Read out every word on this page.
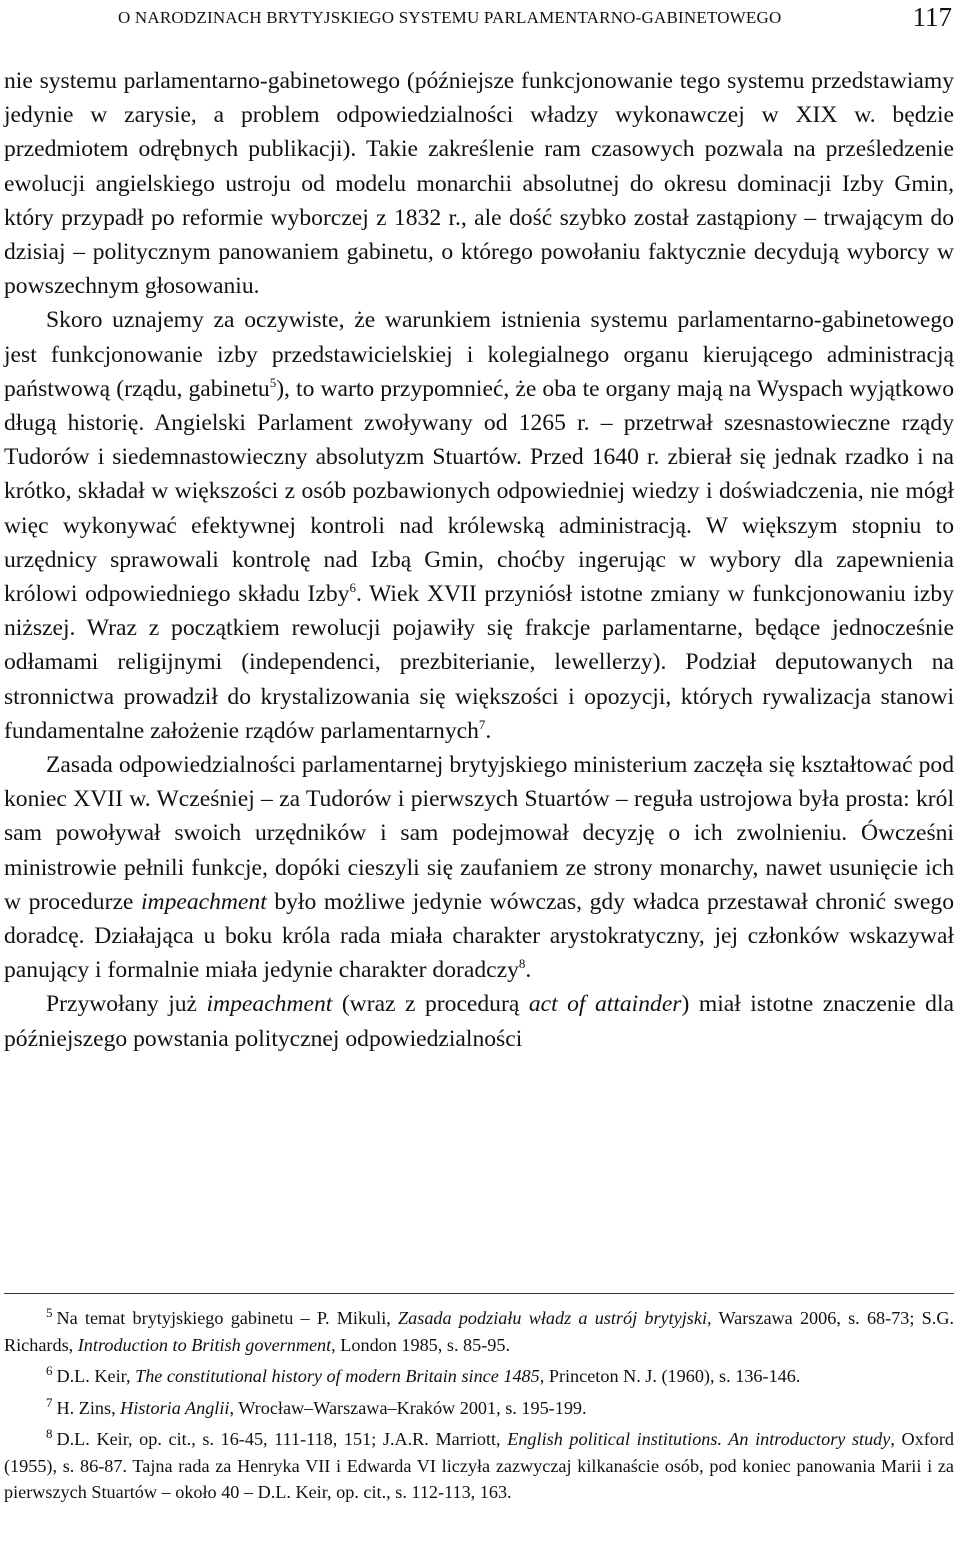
O NARODZINACH BRYTYJSKIEGO SYSTEMU PARLAMENTARNO-GABINETOWEGO	117

nie systemu parlamentarno-gabinetowego (późniejsze funkcjonowanie tego systemu przedstawiamy jedynie w zarysie, a problem odpowiedzialności władzy wykonawczej w XIX w. będzie przedmiotem odrębnych publikacji). Takie zakreślenie ram czasowych pozwala na prześledzenie ewolucji angielskiego ustroju od modelu monarchii absolutnej do okresu dominacji Izby Gmin, który przypadł po reformie wyborczej z 1832 r., ale dość szybko został zastąpiony – trwającym do dzisiaj – politycznym panowaniem gabinetu, o którego powołaniu faktycznie decydują wyborcy w powszechnym głosowaniu.

Skoro uznajemy za oczywiste, że warunkiem istnienia systemu parlamentarno-gabinetowego jest funkcjonowanie izby przedstawicielskiej i kolegialnego organu kierującego administracją państwową (rządu, gabinetu$^5$), to warto przypomnieć, że oba te organy mają na Wyspach wyjątkowo długą historię. Angielski Parlament zwoływany od 1265 r. – przetrwał szesnastowieczne rządy Tudorów i siedemnastowieczny absolutyzm Stuartów. Przed 1640 r. zbierał się jednak rzadko i na krótko, składał w większości z osób pozbawionych odpowiedniej wiedzy i doświadczenia, nie mógł więc wykonywać efektywnej kontroli nad królewską administracją. W większym stopniu to urzędnicy sprawowali kontrolę nad Izbą Gmin, choćby ingerując w wybory dla zapewnienia królowi odpowiedniego składu Izby$^6$. Wiek XVII przyniósł istotne zmiany w funkcjonowaniu izby niższej. Wraz z początkiem rewolucji pojawiły się frakcje parlamentarne, będące jednocześnie odłamami religijnymi (independenci, prezbiterianie, lewellerzy). Podział deputowanych na stronnictwa prowadził do krystalizowania się większości i opozycji, których rywalizacja stanowi fundamentalne założenie rządów parlamentarnych$^7$.

Zasada odpowiedzialności parlamentarnej brytyjskiego ministerium zaczęła się kształtować pod koniec XVII w. Wcześniej – za Tudorów i pierwszych Stuartów – reguła ustrojowa była prosta: król sam powoływał swoich urzędników i sam podejmował decyzję o ich zwolnieniu. Ówcześni ministrowie pełnili funkcje, dopóki cieszyli się zaufaniem ze strony monarchy, nawet usunięcie ich w procedurze impeachment było możliwe jedynie wówczas, gdy władca przestawał chronić swego doradcę. Działająca u boku króla rada miała charakter arystokratyczny, jej członków wskazywał panujący i formalnie miała jedynie charakter doradczy$^8$.

Przywołany już impeachment (wraz z procedurą act of attainder) miał istotne znaczenie dla późniejszego powstania politycznej odpowiedzialności

$^5$ Na temat brytyjskiego gabinetu – P. Mikuli, Zasada podziału władz a ustrój brytyjski, Warszawa 2006, s. 68-73; S.G. Richards, Introduction to British government, London 1985, s. 85-95.

$^6$ D.L. Keir, The constitutional history of modern Britain since 1485, Princeton N. J. (1960), s. 136-146.

$^7$ H. Zins, Historia Anglii, Wrocław–Warszawa–Kraków 2001, s. 195-199.

$^8$ D.L. Keir, op. cit., s. 16-45, 111-118, 151; J.A.R. Marriott, English political institutions. An introductory study, Oxford (1955), s. 86-87. Tajna rada za Henryka VII i Edwarda VI liczyła zazwyczaj kilkanaście osób, pod koniec panowania Marii i za pierwszych Stuartów – około 40 – D.L. Keir, op. cit., s. 112-113, 163.
